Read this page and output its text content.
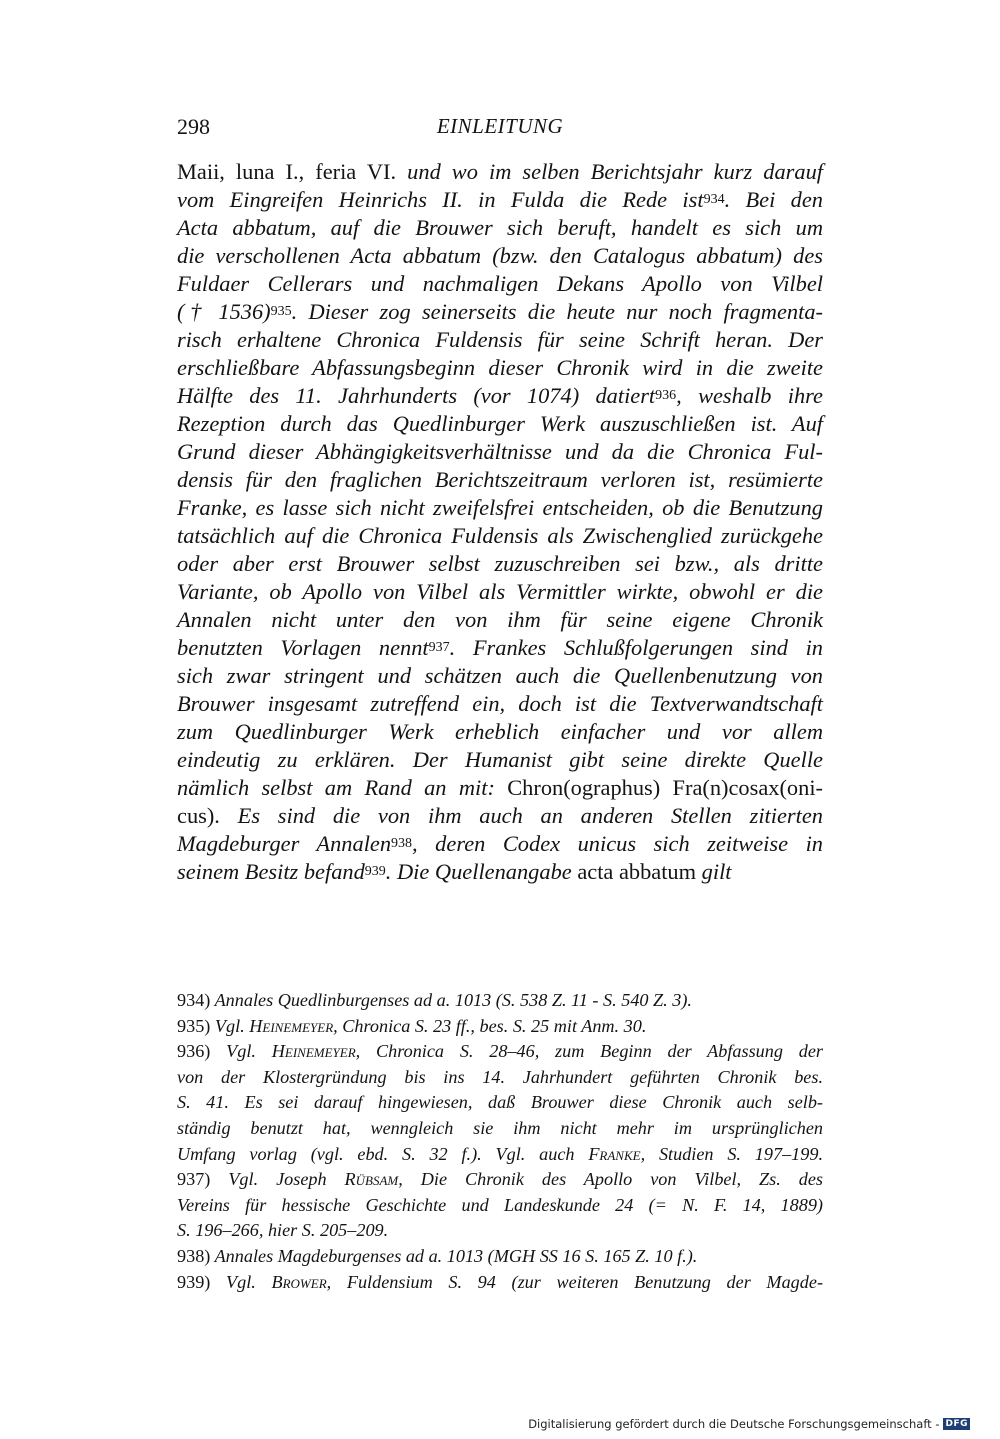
298	EINLEITUNG
Maii, luna I., feria VI. und wo im selben Berichtsjahr kurz darauf
vom Eingreifen Heinrichs II. in Fulda die Rede ist$^{934}$. Bei den
Acta abbatum, auf die Brouwer sich beruft, handelt es sich um
die verschollenen Acta abbatum (bzw. den Catalogus abbatum) des
Fuldaer Cellerars und nachmaligen Dekans Apollo von Vilbel
(† 1536)$^{935}$. Dieser zog seinerseits die heute nur noch fragmenta-
risch erhaltene Chronica Fuldensis für seine Schrift heran. Der
erschließbare Abfassungsbeginn dieser Chronik wird in die zweite
Hälfte des 11. Jahrhunderts (vor 1074) datiert$^{936}$, weshalb ihre
Rezeption durch das Quedlinburger Werk auszuschließen ist. Auf
Grund dieser Abhängigkeitsverhältnisse und da die Chronica Ful-
densis für den fraglichen Berichtszeitraum verloren ist, resümierte
Franke, es lasse sich nicht zweifelsfrei entscheiden, ob die Benutzung
tatsächlich auf die Chronica Fuldensis als Zwischenglied zurückgehe
oder aber erst Brouwer selbst zuzuschreiben sei bzw., als dritte
Variante, ob Apollo von Vilbel als Vermittler wirkte, obwohl er die
Annalen nicht unter den von ihm für seine eigene Chronik
benutzten Vorlagen nennt$^{937}$. Frankes Schlußfolgerungen sind in
sich zwar stringent und schätzen auch die Quellenbenutzung von
Brouwer insgesamt zutreffend ein, doch ist die Textverwandtschaft
zum Quedlinburger Werk erheblich einfacher und vor allem
eindeutig zu erklären. Der Humanist gibt seine direkte Quelle
nämlich selbst am Rand an mit: Chron(ographus) Fra(n)cosax(oni-
cus). Es sind die von ihm auch an anderen Stellen zitierten
Magdeburger Annalen$^{938}$, deren Codex unicus sich zeitweise in
seinem Besitz befand$^{939}$. Die Quellenangabe acta abbatum gilt
934) Annales Quedlinburgenses ad a. 1013 (S. 538 Z. 11 - S. 540 Z. 3).
935) Vgl. Heinemeyer, Chronica S. 23 ff., bes. S. 25 mit Anm. 30.
936) Vgl. Heinemeyer, Chronica S. 28–46, zum Beginn der Abfassung der
von der Klostergründung bis ins 14. Jahrhundert geführten Chronik bes.
S. 41. Es sei darauf hingewiesen, daß Brouwer diese Chronik auch selb-
ständig benutzt hat, wenngleich sie ihm nicht mehr im ursprünglichen
Umfang vorlag (vgl. ebd. S. 32 f.). Vgl. auch Franke, Studien S. 197–199.
937) Vgl. Joseph Rübsam, Die Chronik des Apollo von Vilbel, Zs. des
Vereins für hessische Geschichte und Landeskunde 24 (= N. F. 14, 1889)
S. 196–266, hier S. 205–209.
938) Annales Magdeburgenses ad a. 1013 (MGH SS 16 S. 165 Z. 10 f.).
939) Vgl. Brower, Fuldensium S. 94 (zur weiteren Benutzung der Magde-
Digitalisierung gefördert durch die Deutsche Forschungsgemeinschaft - DFG
